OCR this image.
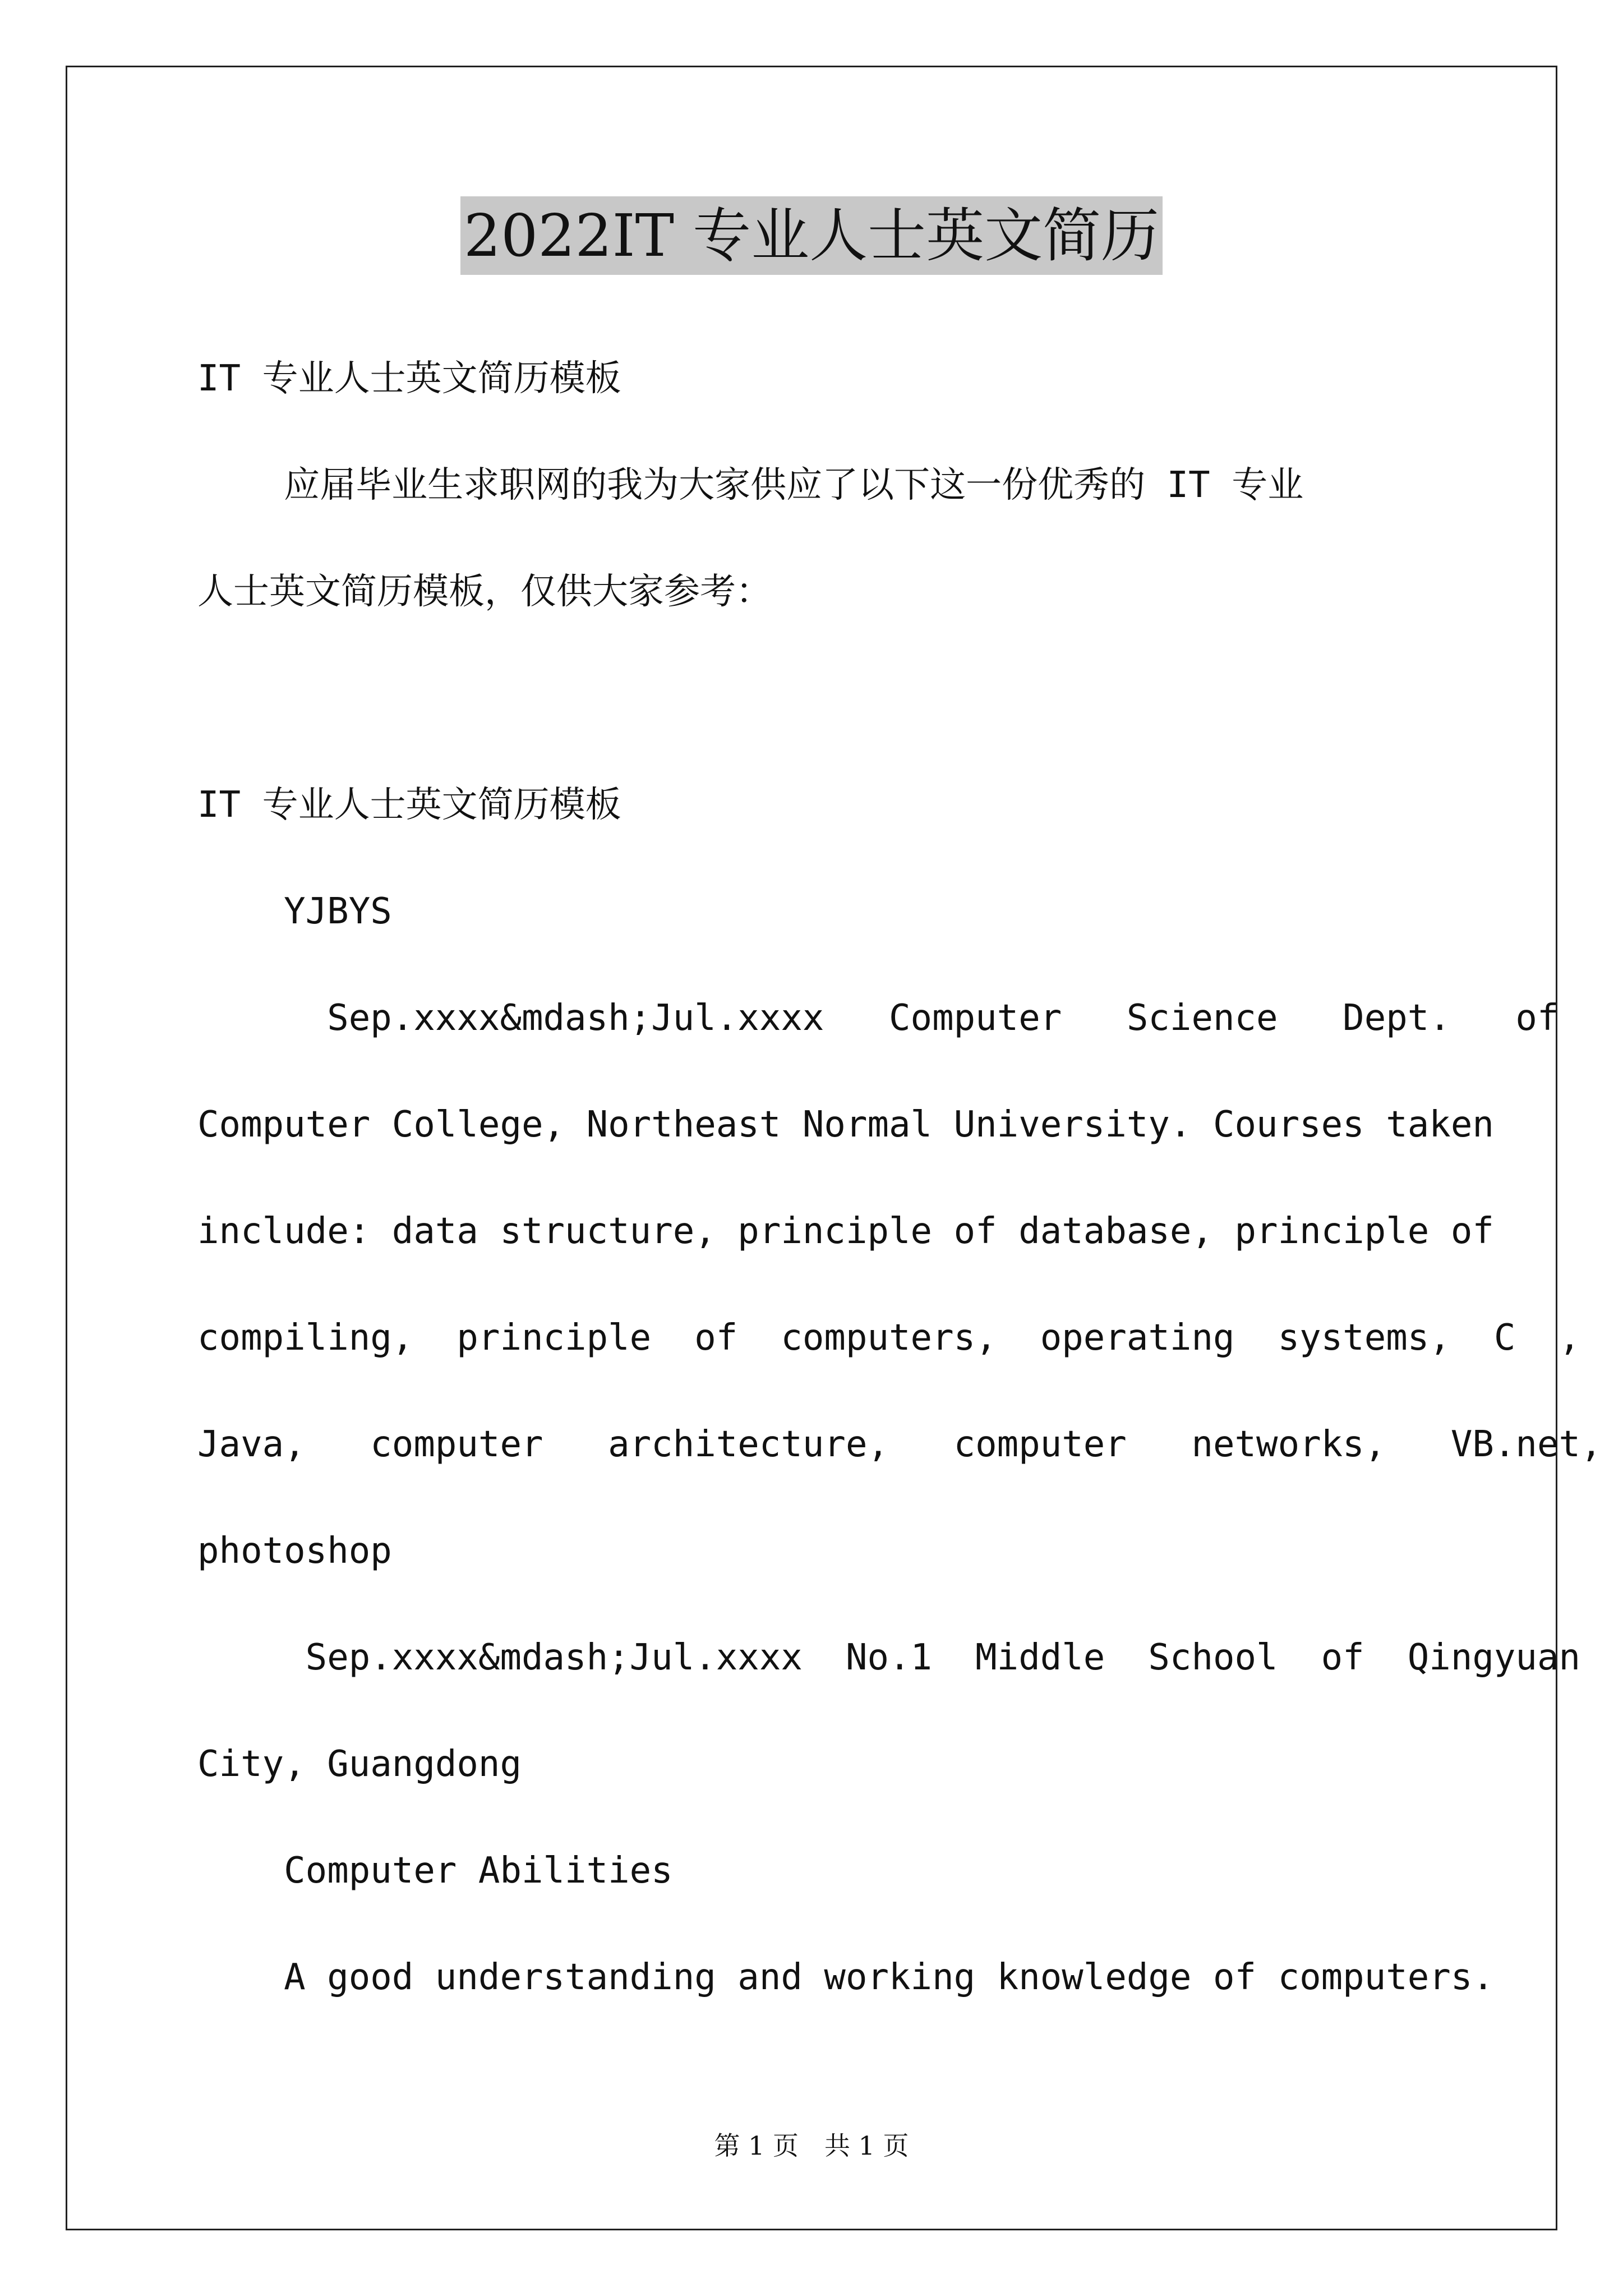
2022IT 专业人士英文简历
IT 专业人士英文简历模板
应届毕业生求职网的我为大家供应了以下这一份优秀的 IT 专业
人士英文简历模板，仅供大家参考：
IT 专业人士英文简历模板
YJBYS
Sep.xxxx&mdash;Jul.xxxx   Computer   Science   Dept.   of
Computer College, Northeast Normal University. Courses taken
include: data structure, principle of database, principle of
compiling,  principle  of  computers,  operating  systems,  C  ,
Java,   computer   architecture,   computer   networks,   VB.net,
photoshop
Sep.xxxx&mdash;Jul.xxxx  No.1  Middle  School  of  Qingyuan
City, Guangdong
Computer Abilities
A good understanding and working knowledge of computers.
第 1 页 共 1 页
